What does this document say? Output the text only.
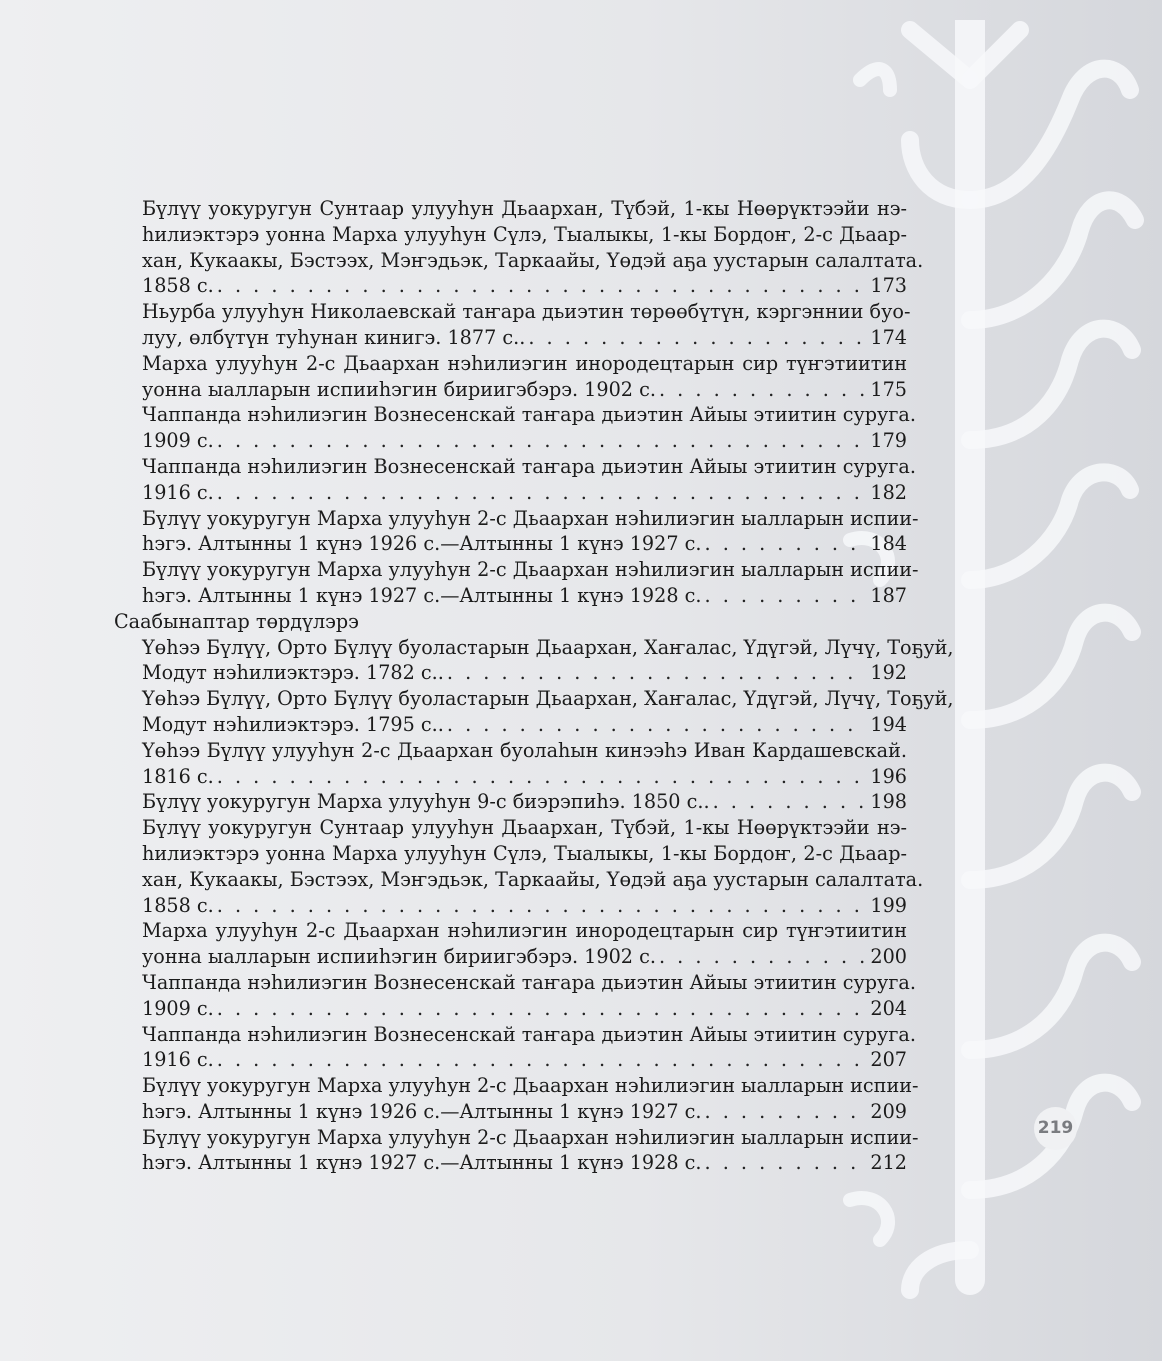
Бүлүү уокуругун Сунтаар улууһун Дьаархан, Түбэй, 1-кы Нөөрүктээйи нэ-
һилиэктэрэ уонна Марха улууһун Сүлэ, Тыалыкы, 1-кы Бордоҥ, 2-с Дьаар-
хан, Кукаакы, Бэстээх, Мэҥэдьэк, Таркаайы, Үөдэй аҕа уустарын салалтата.
1858 с. . . .	173
Ньурба улууһун Николаевскай таҥара дьиэтин төрөөбүтүн, кэргэннии буо-
луу, өлбүтүн туһунан кинигэ. 1877 с.. . . .	174
Марха улууһун 2-с Дьаархан нэһилиэгин инородецтарын сир түҥэтиитин
уонна ыалларын испииһэгин бириигэбэрэ. 1902 с. . . .	175
Чаппанда нэһилиэгин Вознесенскай таҥара дьиэтин Айыы этиитин суруга.
1909 с. . . .	179
Чаппанда нэһилиэгин Вознесенскай таҥара дьиэтин Айыы этиитин суруга.
1916 с. . . .	182
Бүлүү уокуругун Марха улууһун 2-с Дьаархан нэһилиэгин ыалларын испии-
һэгэ. Алтынны 1 күнэ 1926 с.—Алтынны 1 күнэ 1927 с. . . .	184
Бүлүү уокуругун Марха улууһун 2-с Дьаархан нэһилиэгин ыалларын испии-
һэгэ. Алтынны 1 күнэ 1927 с.—Алтынны 1 күнэ 1928 с. . . .	187
Саабынаптар төрдүлэрэ
Үөһээ Бүлүү, Орто Бүлүү буоластарын Дьаархан, Хаҥалас, Үдүгэй, Лүчү, Тоҕуй,
Модут нэһилиэктэрэ. 1782 с.. . . .	192
Үөһээ Бүлүү, Орто Бүлүү буоластарын Дьаархан, Хаҥалас, Үдүгэй, Лүчү, Тоҕуй,
Модут нэһилиэктэрэ. 1795 с.. . . .	194
Үөһээ Бүлүү улууһун 2-с Дьаархан буолаһын кинээһэ Иван Кардашевскай.
1816 с. . . .	196
Бүлүү уокуругун Марха улууһун 9-с биэрэпиһэ. 1850 с.. . . .	198
Бүлүү уокуругун Сунтаар улууһун Дьаархан, Түбэй, 1-кы Нөөрүктээйи нэ-
һилиэктэрэ уонна Марха улууһун Сүлэ, Тыалыкы, 1-кы Бордоҥ, 2-с Дьаар-
хан, Кукаакы, Бэстээх, Мэҥэдьэк, Таркаайы, Үөдэй аҕа уустарын салалтата.
1858 с. . . .	199
Марха улууһун 2-с Дьаархан нэһилиэгин инородецтарын сир түҥэтиитин
уонна ыалларын испииһэгин бириигэбэрэ. 1902 с. . . .	200
Чаппанда нэһилиэгин Вознесенскай таҥара дьиэтин Айыы этиитин суруга.
1909 с. . . .	204
Чаппанда нэһилиэгин Вознесенскай таҥара дьиэтин Айыы этиитин суруга.
1916 с. . . .	207
Бүлүү уокуругун Марха улууһун 2-с Дьаархан нэһилиэгин ыалларын испии-
һэгэ. Алтынны 1 күнэ 1926 с.—Алтынны 1 күнэ 1927 с. . . .	209
Бүлүү уокуругун Марха улууһун 2-с Дьаархан нэһилиэгин ыалларын испии-
һэгэ. Алтынны 1 күнэ 1927 с.—Алтынны 1 күнэ 1928 с. . . .	212
219
